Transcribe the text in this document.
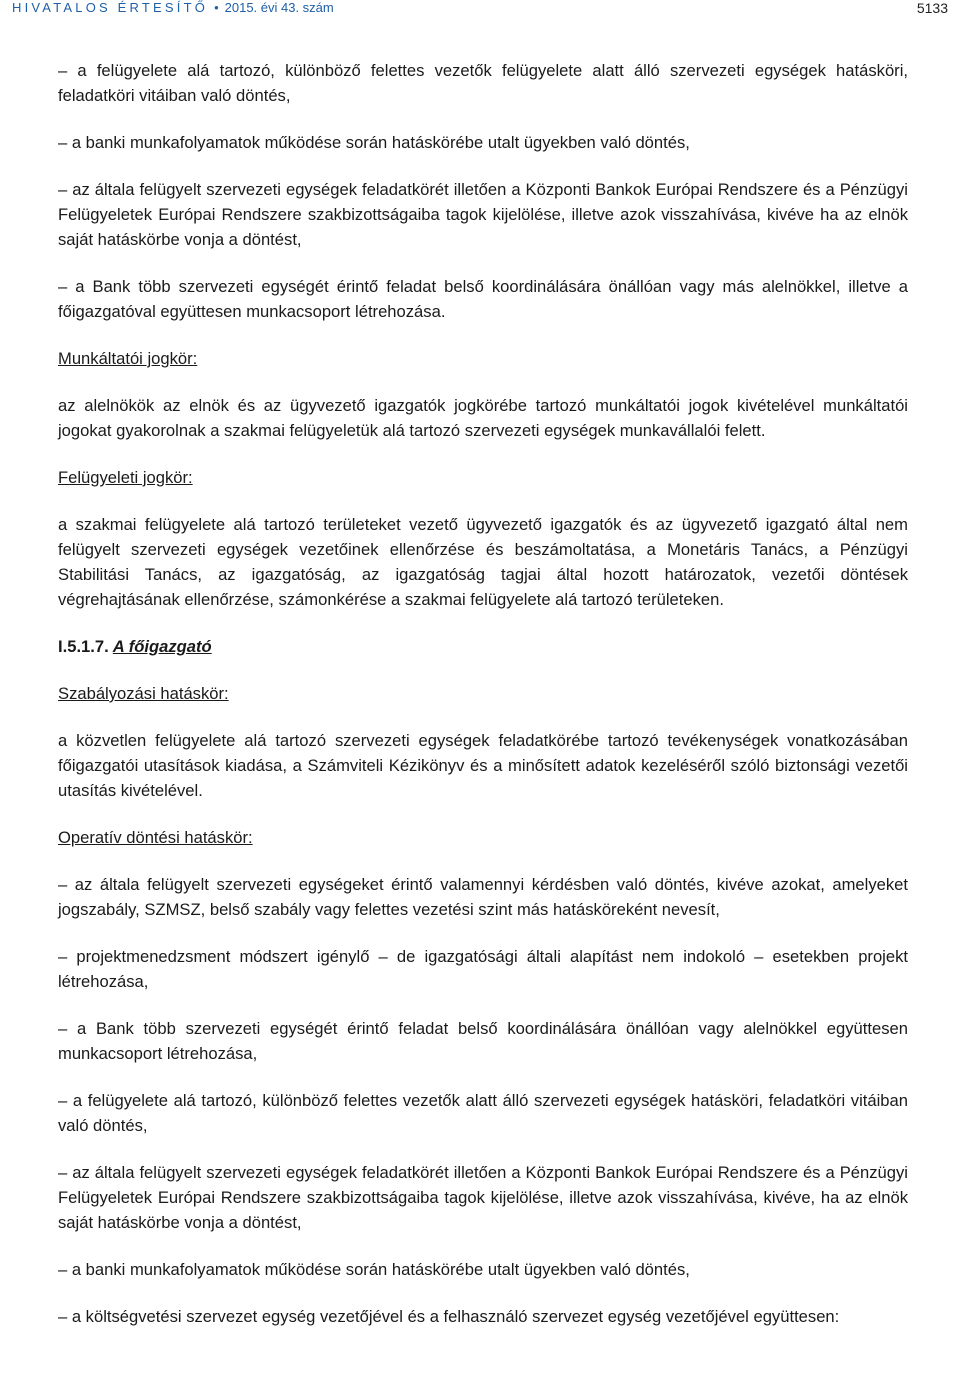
HIVATALOS ÉRTESÍTŐ • 2015. évi 43. szám	5133

– a felügyelete alá tartozó, különböző felettes vezetők felügyelete alatt álló szervezeti egységek hatásköri, feladatköri vitáiban való döntés,

– a banki munkafolyamatok működése során hatáskörébe utalt ügyekben való döntés,

– az általa felügyelt szervezeti egységek feladatkörét illetően a Központi Bankok Európai Rendszere és a Pénzügyi Felügyeletek Európai Rendszere szakbizottságaiba tagok kijelölése, illetve azok visszahívása, kivéve ha az elnök saját hatáskörbe vonja a döntést,

– a Bank több szervezeti egységét érintő feladat belső koordinálására önállóan vagy más alelnökkel, illetve a főigazgatóval együttesen munkacsoport létrehozása.

Munkáltatói jogkör:

az alelnökök az elnök és az ügyvezető igazgatók jogkörébe tartozó munkáltatói jogok kivételével munkáltatói jogokat gyakorolnak a szakmai felügyeletük alá tartozó szervezeti egységek munkavállalói felett.

Felügyeleti jogkör:

a szakmai felügyelete alá tartozó területeket vezető ügyvezető igazgatók és az ügyvezető igazgató által nem felügyelt szervezeti egységek vezetőinek ellenőrzése és beszámoltatása, a Monetáris Tanács, a Pénzügyi Stabilitási Tanács, az igazgatóság, az igazgatóság tagjai által hozott határozatok, vezetői döntések végrehajtásának ellenőrzése, számonkérése a szakmai felügyelete alá tartozó területeken.

I.5.1.7. A főigazgató

Szabályozási hatáskör:

a közvetlen felügyelete alá tartozó szervezeti egységek feladatkörébe tartozó tevékenységek vonatkozásában főigazgatói utasítások kiadása, a Számviteli Kézikönyv és a minősített adatok kezeléséről szóló biztonsági vezetői utasítás kivételével.

Operatív döntési hatáskör:

– az általa felügyelt szervezeti egységeket érintő valamennyi kérdésben való döntés, kivéve azokat, amelyeket jogszabály, SZMSZ, belső szabály vagy felettes vezetési szint más hatásköreként nevesít,

– projektmenedzsment módszert igénylő – de igazgatósági általi alapítást nem indokoló – esetekben projekt létrehozása,

– a Bank több szervezeti egységét érintő feladat belső koordinálására önállóan vagy alelnökkel együttesen munkacsoport létrehozása,

– a felügyelete alá tartozó, különböző felettes vezetők alatt álló szervezeti egységek hatásköri, feladatköri vitáiban való döntés,

– az általa felügyelt szervezeti egységek feladatkörét illetően a Központi Bankok Európai Rendszere és a Pénzügyi Felügyeletek Európai Rendszere szakbizottságaiba tagok kijelölése, illetve azok visszahívása, kivéve, ha az elnök saját hatáskörbe vonja a döntést,

– a banki munkafolyamatok működése során hatáskörébe utalt ügyekben való döntés,

– a költségvetési szervezet egység vezetőjével és a felhasználó szervezet egység vezetőjével együttesen:
